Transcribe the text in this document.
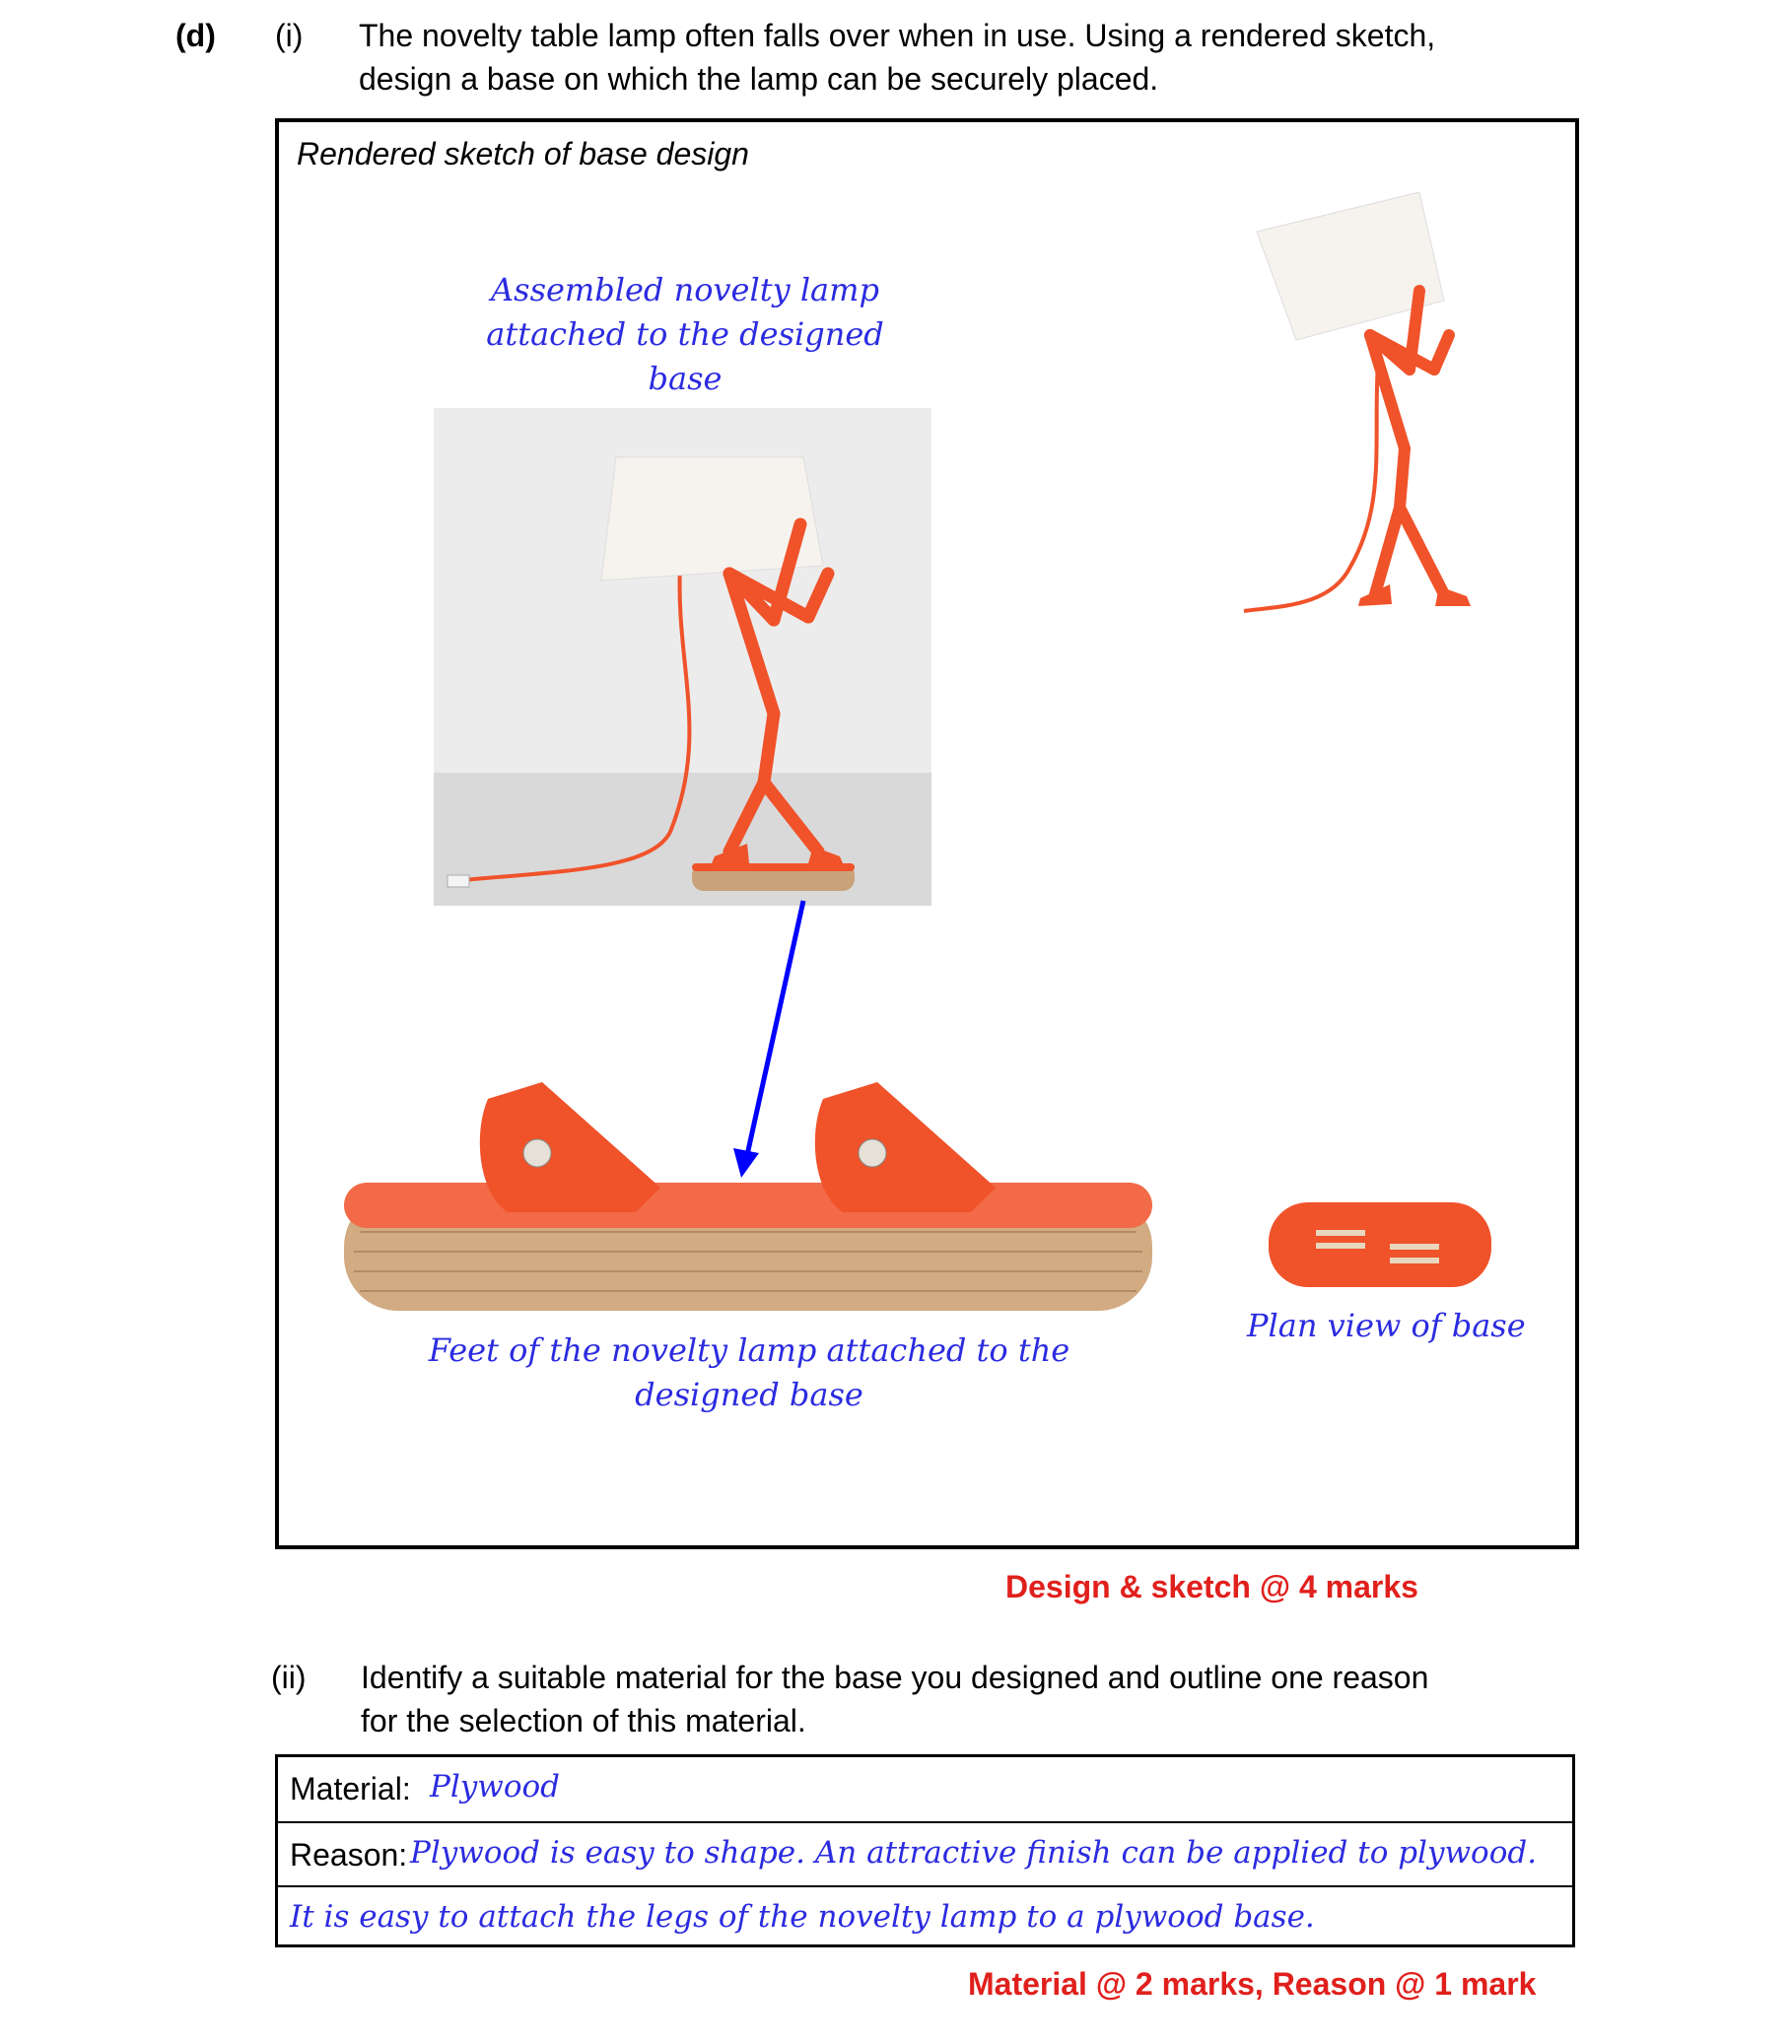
(d) (i) The novelty table lamp often falls over when in use. Using a rendered sketch,
design a base on which the lamp can be securely placed.
Rendered sketch of base design
Assembled novelty lamp
attached to the designed
base
Feet of the novelty lamp attached to the
designed base
Plan view of base
Design & sketch @ 4 marks
(ii) Identify a suitable material for the base you designed and outline one reason
for the selection of this material.
Material: Plywood
Reason: Plywood is easy to shape. An attractive finish can be applied to plywood.
It is easy to attach the legs of the novelty lamp to a plywood base.
Material @ 2 marks, Reason @ 1 mark
